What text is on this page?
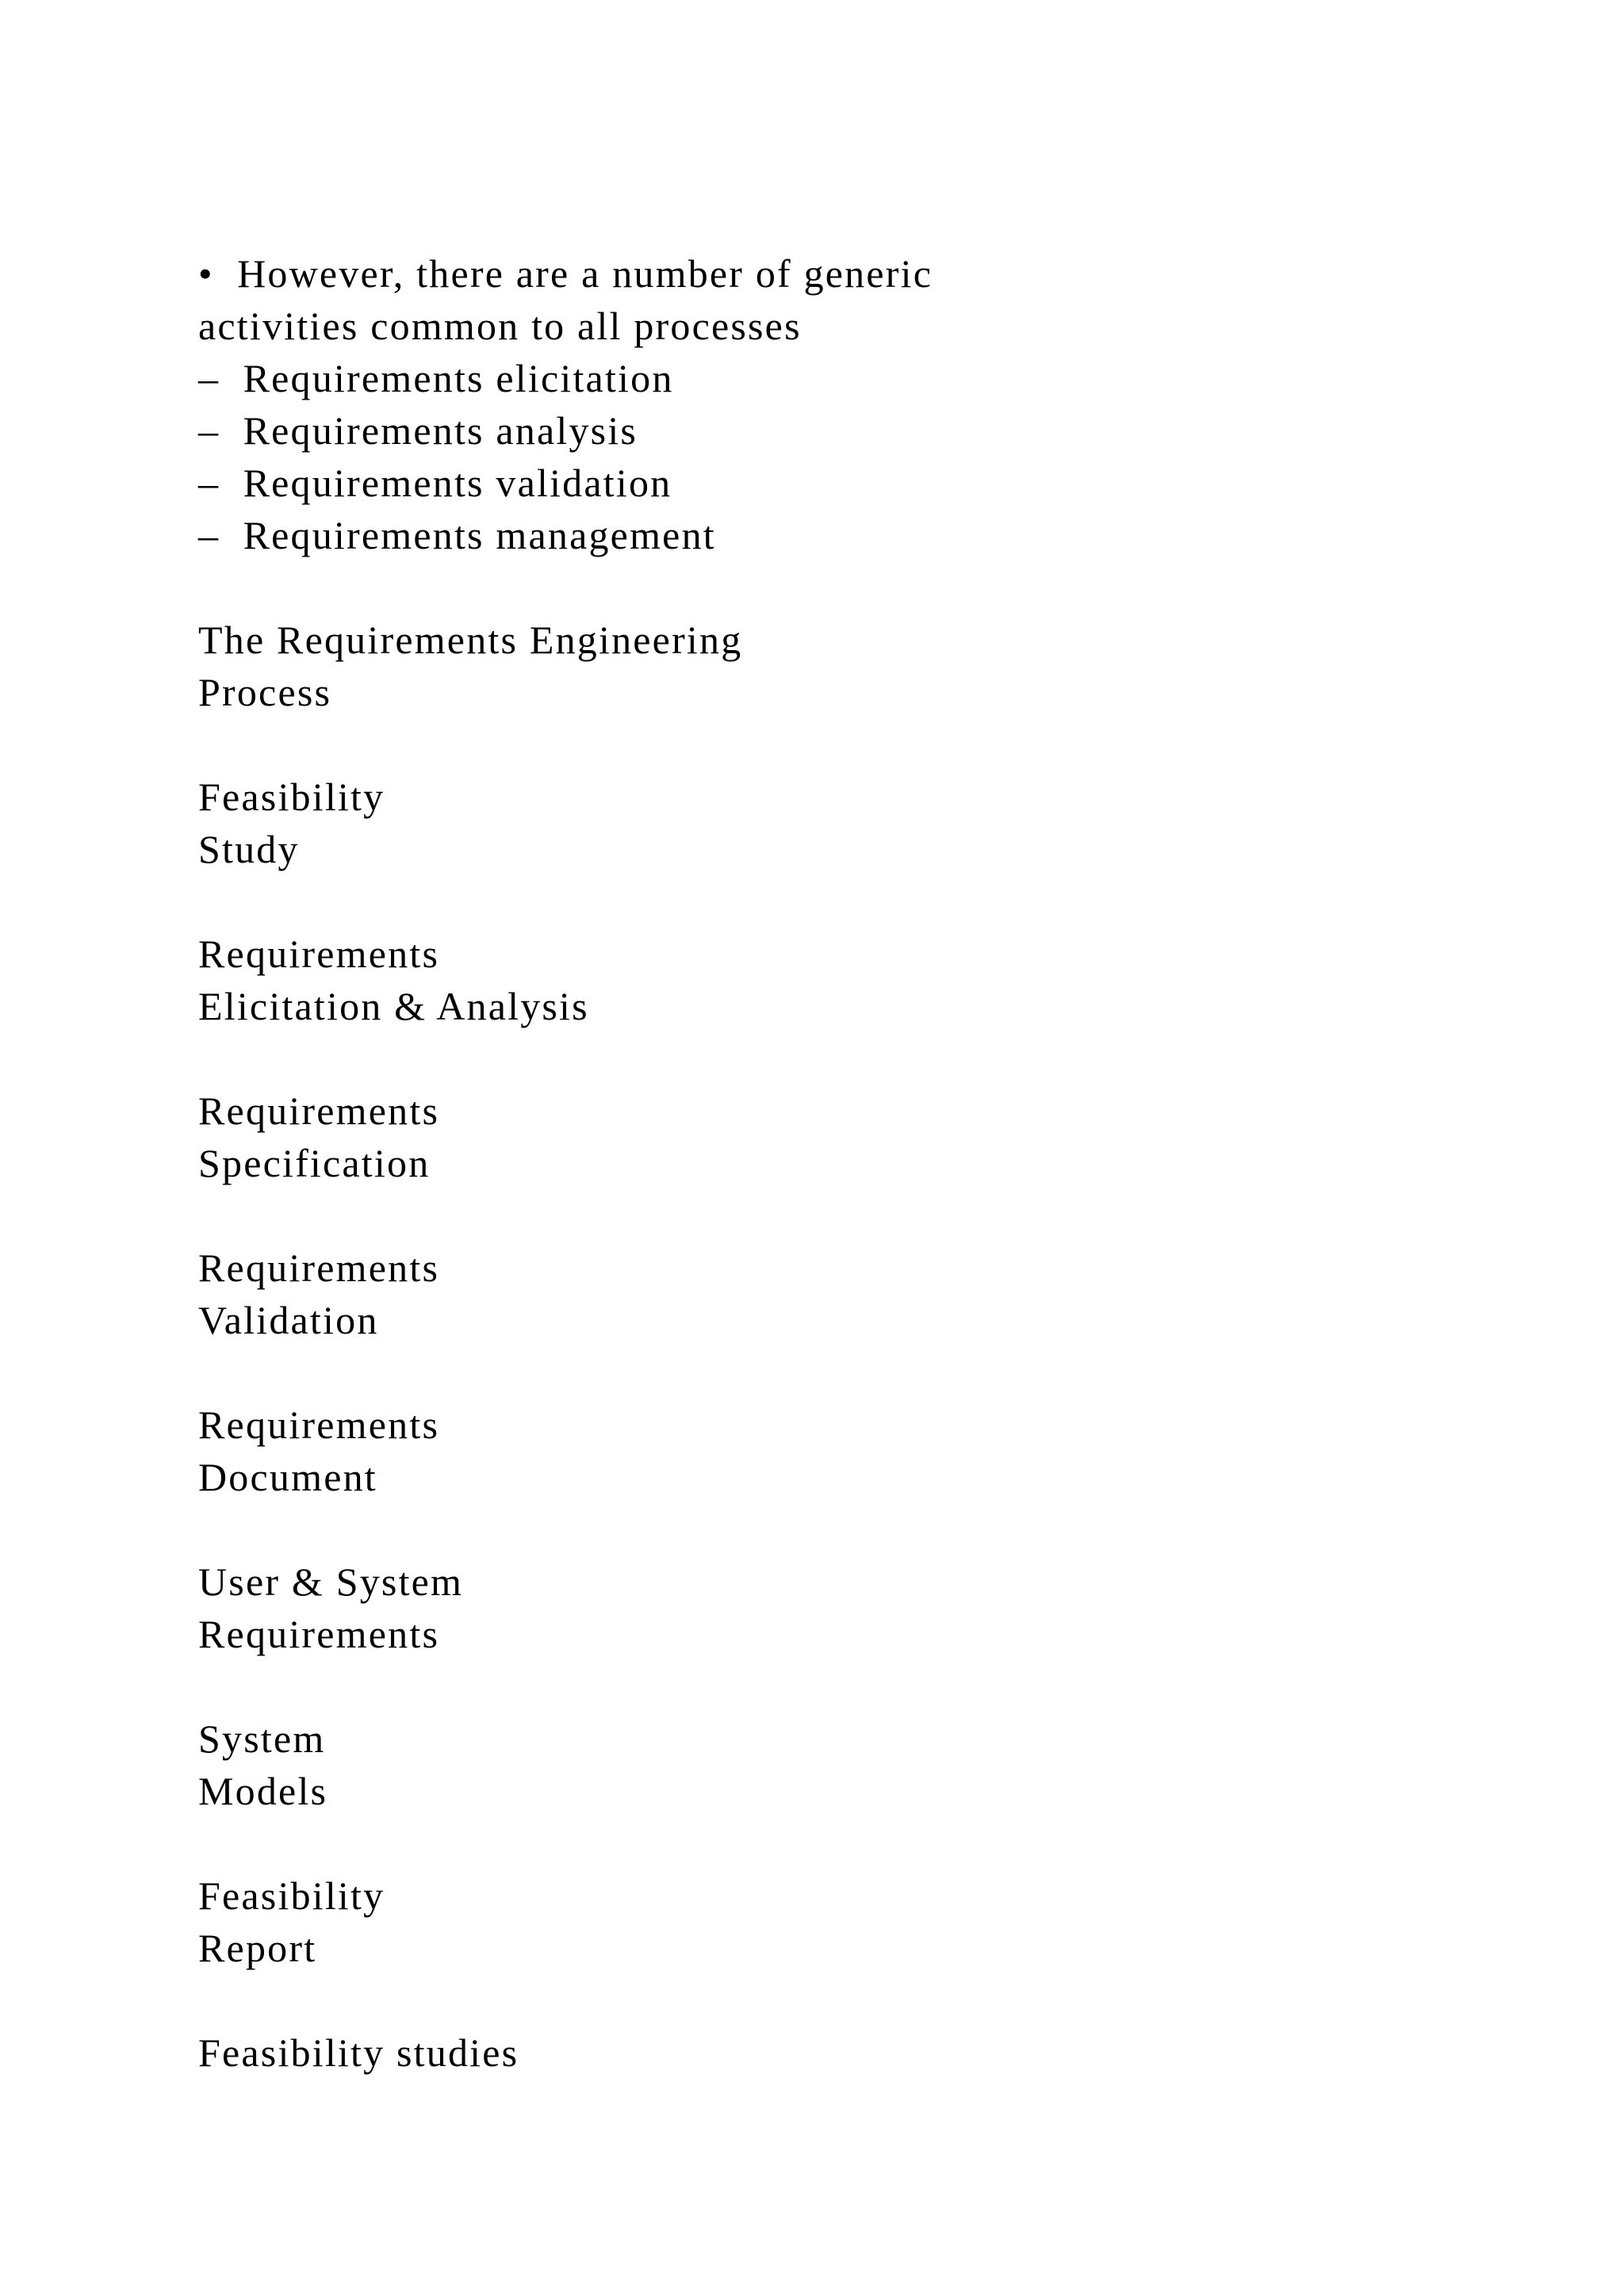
•  However, there are a number of generic
activities common to all processes
–  Requirements elicitation
–  Requirements analysis
–  Requirements validation
–  Requirements management
The Requirements Engineering
Process
Feasibility
Study
Requirements
Elicitation & Analysis
Requirements
Specification
Requirements
Validation
Requirements
Document
User & System
Requirements
System
Models
Feasibility
Report
Feasibility studies
